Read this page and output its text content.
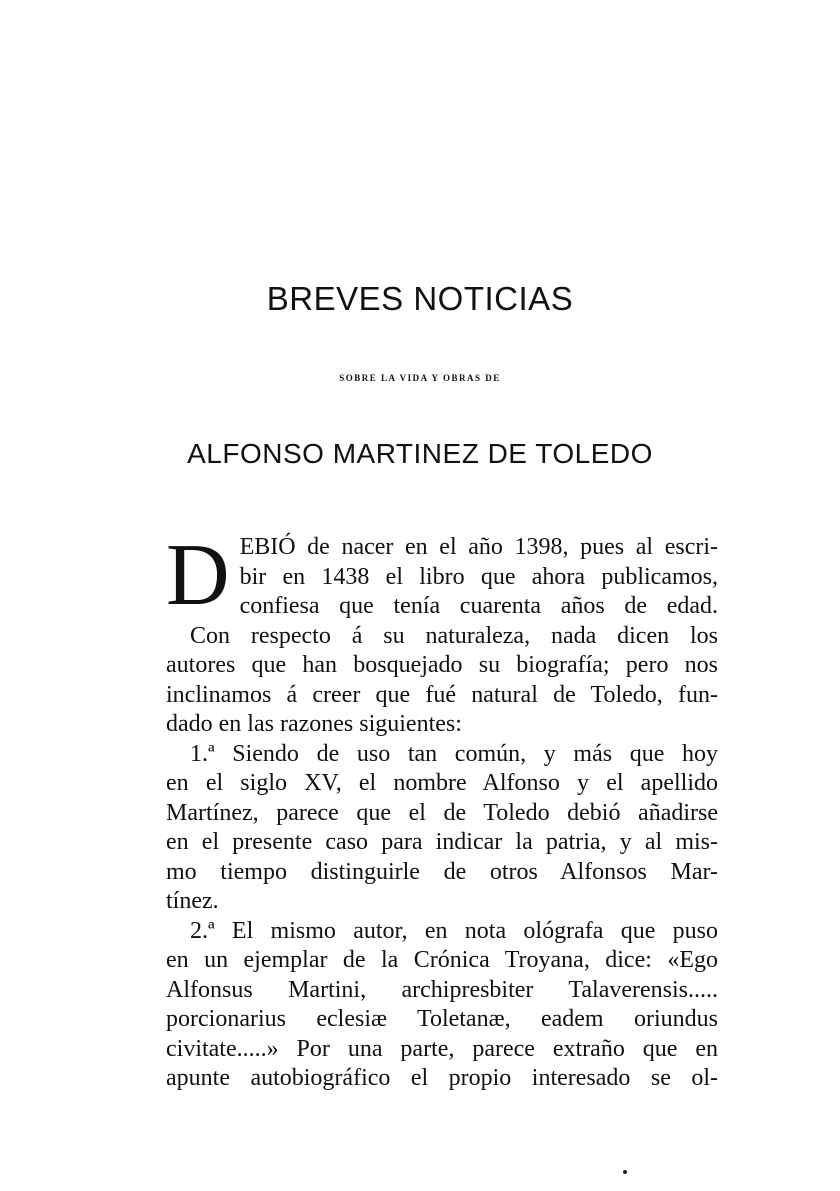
BREVES NOTICIAS

SOBRE LA VIDA Y OBRAS DE

ALFONSO MARTINEZ DE TOLEDO
D EBIÓ de nacer en el año 1398, pues al escri-
bir en 1438 el libro que ahora publicamos,
confiesa que tenía cuarenta años de edad.
Con respecto á su naturaleza, nada dicen los
autores que han bosquejado su biografía; pero nos
inclinamos á creer que fué natural de Toledo, fun-
dado en las razones siguientes:
1.ª Siendo de uso tan común, y más que hoy
en el siglo XV, el nombre Alfonso y el apellido
Martínez, parece que el de Toledo debió añadirse
en el presente caso para indicar la patria, y al mis-
mo tiempo distinguirle de otros Alfonsos Mar-
tínez.
2.ª El mismo autor, en nota ológrafa que puso
en un ejemplar de la Crónica Troyana, dice: «Ego
Alfonsus Martini, archipresbiter Talaverensis.....
porcionarius eclesiæ Toletanæ, eadem oriundus
civitate.....» Por una parte, parece extraño que en
apunte autobiográfico el propio interesado se ol-
